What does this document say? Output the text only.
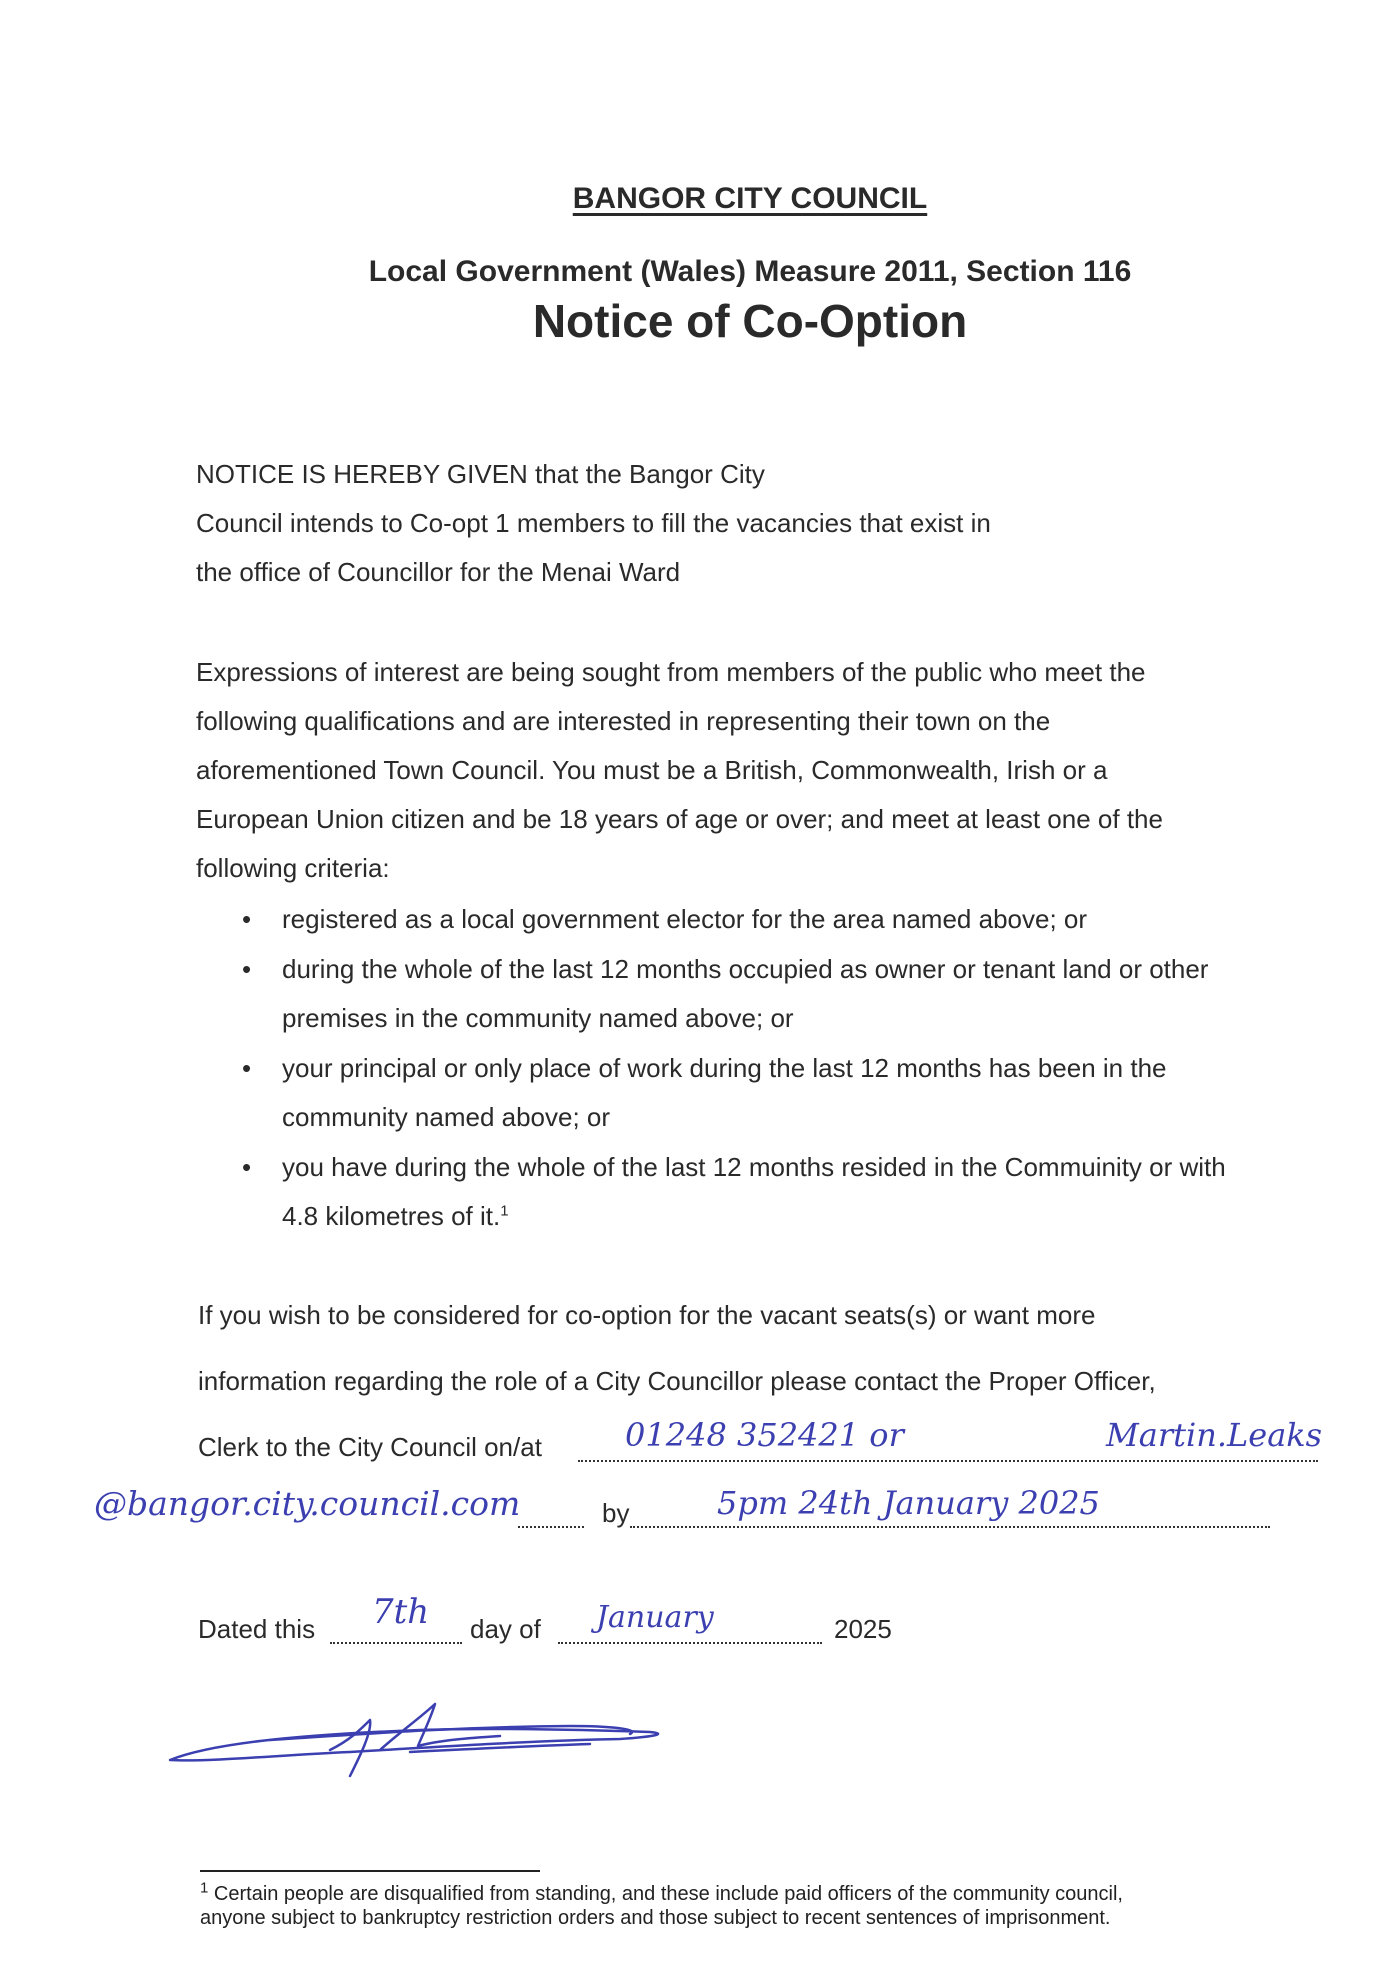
BANGOR CITY COUNCIL
Local Government (Wales) Measure 2011, Section 116
Notice of Co-Option
NOTICE IS HEREBY GIVEN that the Bangor City
Council intends to Co-opt 1 members to fill the vacancies that exist in
the office of Councillor for the Menai Ward
Expressions of interest are being sought from members of the public who meet the
following qualifications and are interested in representing their town on the
aforementioned Town Council. You must be a British, Commonwealth, Irish or a
European Union citizen and be 18 years of age or over; and meet at least one of the
following criteria:
• registered as a local government elector for the area named above; or
• during the whole of the last 12 months occupied as owner or tenant land or other
premises in the community named above; or
• your principal or only place of work during the last 12 months has been in the
community named above; or
• you have during the whole of the last 12 months resided in the Commuinity or with
4.8 kilometres of it.$^1$
If you wish to be considered for co-option for the vacant seats(s) or want more
information regarding the role of a City Councillor please contact the Proper Officer,
Clerk to the City Council on/at	01248 352421 or	Martin.Leaks
@bangor.city.council.com	by	5pm 24th January 2025
Dated this 7th day of January	2025
$^1$ Certain people are disqualified from standing, and these include paid officers of the community council,
anyone subject to bankruptcy restriction orders and those subject to recent sentences of imprisonment.
